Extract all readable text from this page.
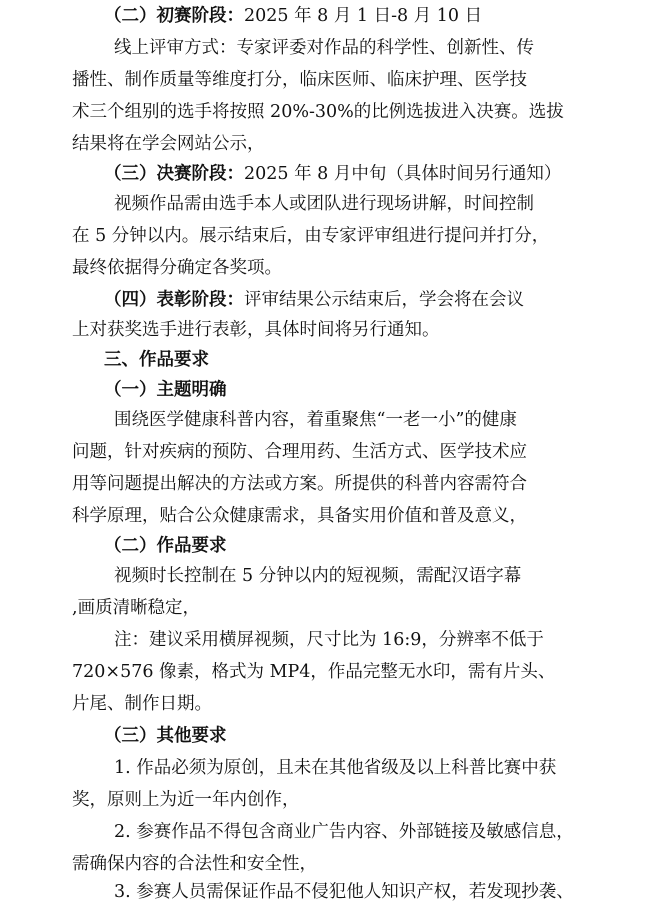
（二）初赛阶段：2025 年 8 月 1 日-8 月 10 日
线上评审方式：专家评委对作品的科学性、创新性、传
播性、制作质量等维度打分，临床医师、临床护理、医学技
术三个组别的选手将按照 20%-30%的比例选拔进入决赛。选拔
结果将在学会网站公示，
（三）决赛阶段：2025 年 8 月中旬（具体时间另行通知）
视频作品需由选手本人或团队进行现场讲解，时间控制
在 5 分钟以内。展示结束后，由专家评审组进行提问并打分，
最终依据得分确定各奖项。
（四）表彰阶段：评审结果公示结束后，学会将在会议
上对获奖选手进行表彰，具体时间将另行通知。
三、作品要求
（一）主题明确
围绕医学健康科普内容，着重聚焦“一老一小”的健康
问题，针对疾病的预防、合理用药、生活方式、医学技术应
用等问题提出解决的方法或方案。所提供的科普内容需符合
科学原理，贴合公众健康需求，具备实用价值和普及意义，
（二）作品要求
视频时长控制在 5 分钟以内的短视频，需配汉语字幕
,画质清晰稳定，
注：建议采用横屏视频，尺寸比为 16:9，分辨率不低于
720×576 像素，格式为 MP4，作品完整无水印，需有片头、
片尾、制作日期。
（三）其他要求
1. 作品必须为原创，且未在其他省级及以上科普比赛中获
奖，原则上为近一年内创作，
2. 参赛作品不得包含商业广告内容、外部链接及敏感信息，
需确保内容的合法性和安全性，
3. 参赛人员需保证作品不侵犯他人知识产权，若发现抄袭、
